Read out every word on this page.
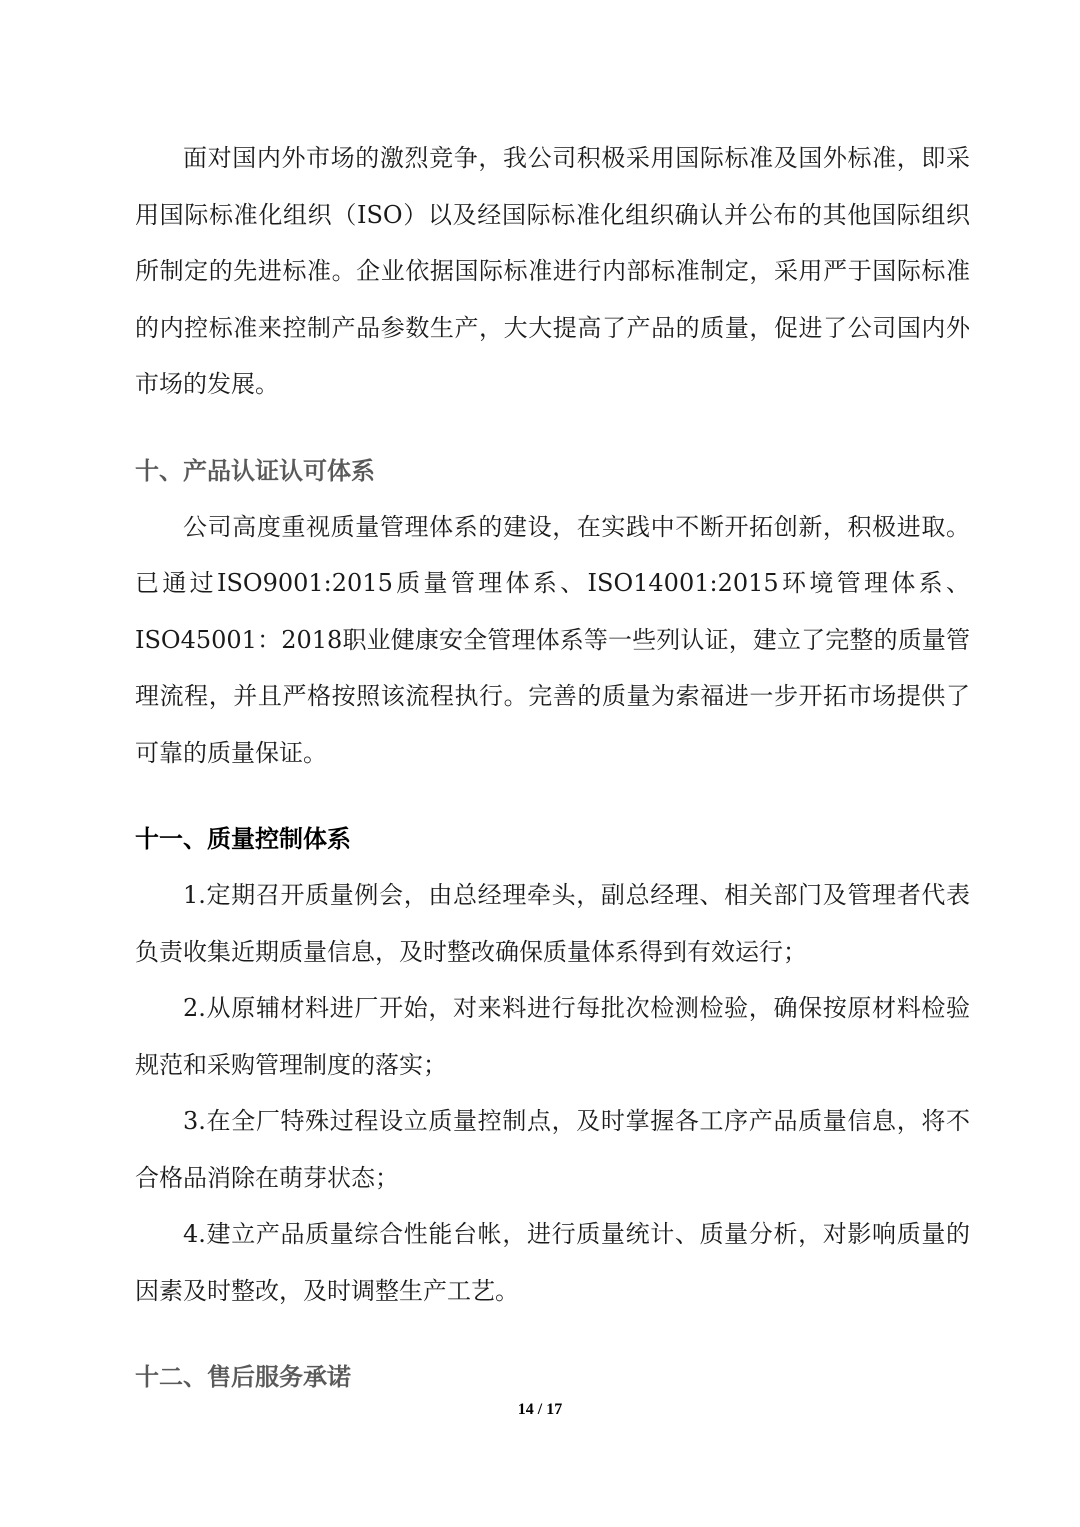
面对国内外市场的激烈竞争，我公司积极采用国际标准及国外标准，即采用国际标准化组织（ISO）以及经国际标准化组织确认并公布的其他国际组织所制定的先进标准。企业依据国际标准进行内部标准制定，采用严于国际标准的内控标准来控制产品参数生产，大大提高了产品的质量，促进了公司国内外市场的发展。

十、产品认证认可体系

公司高度重视质量管理体系的建设，在实践中不断开拓创新，积极进取。已通过ISO9001:2015质量管理体系、ISO14001:2015环境管理体系、ISO45001：2018职业健康安全管理体系等一些列认证，建立了完整的质量管理流程，并且严格按照该流程执行。完善的质量为索福进一步开拓市场提供了可靠的质量保证。

十一、质量控制体系

1.定期召开质量例会，由总经理牵头，副总经理、相关部门及管理者代表负责收集近期质量信息，及时整改确保质量体系得到有效运行；

2.从原辅材料进厂开始，对来料进行每批次检测检验，确保按原材料检验规范和采购管理制度的落实；

3.在全厂特殊过程设立质量控制点，及时掌握各工序产品质量信息，将不合格品消除在萌芽状态；

4.建立产品质量综合性能台帐，进行质量统计、质量分析，对影响质量的因素及时整改，及时调整生产工艺。

十二、售后服务承诺
14 / 17
